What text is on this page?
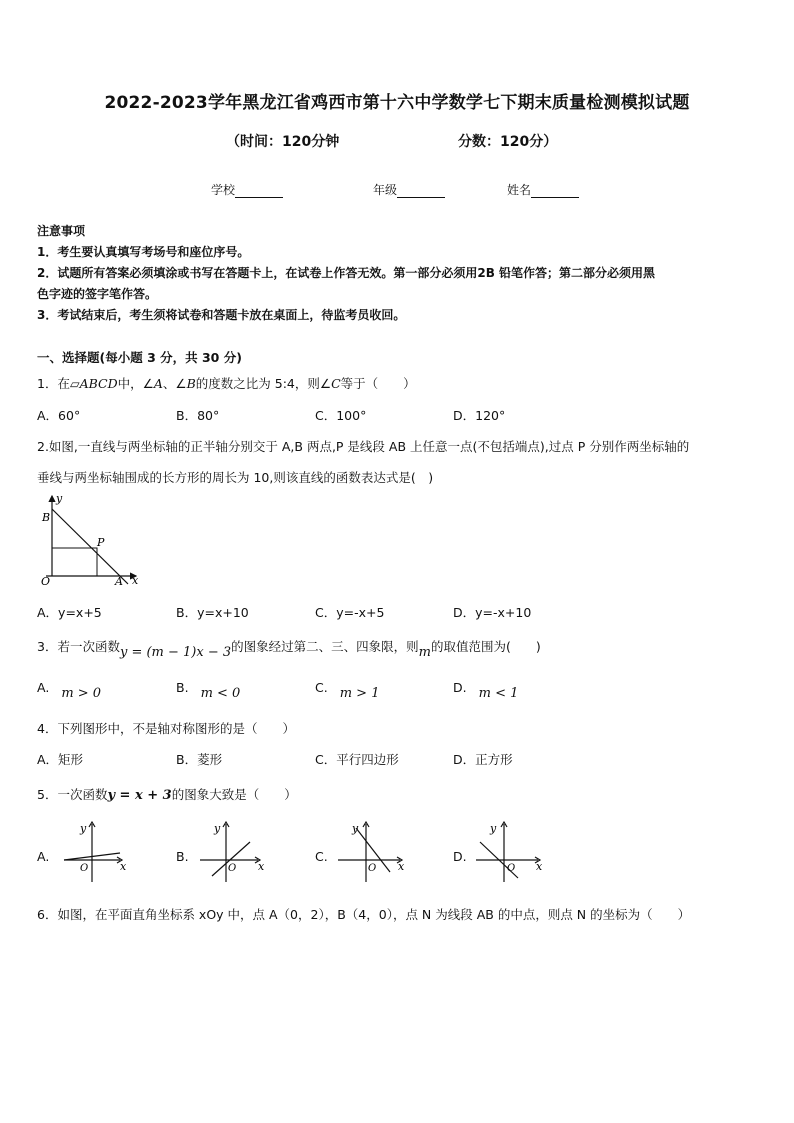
2022-2023学年黑龙江省鸡西市第十六中学数学七下期末质量检测模拟试题
（时间：120分钟	分数：120分）
学校	年级	姓名
注意事项
1．考生要认真填写考场号和座位序号。
2．试题所有答案必须填涂或书写在答题卡上，在试卷上作答无效。第一部分必须用2B 铅笔作答；第二部分必须用黑
色字迹的签字笔作答。
3．考试结束后，考生须将试卷和答题卡放在桌面上，待监考员收回。
一、选择题(每小题 3 分，共 30 分)
1．在▱ABCD中，∠A、∠B的度数之比为 5:4，则∠C等于（　　）
A．60°	B．80°	C．100°	D．120°
2.如图,一直线与两坐标轴的正半轴分别交于 A,B 两点,P 是线段 AB 上任意一点(不包括端点),过点 P 分别作两坐标轴的
垂线与两坐标轴围成的长方形的周长为 10,则该直线的函数表达式是(　)
y
x
O	A
B
P
A．y=x+5	B．y=x+10	C．y=-x+5	D．y=-x+10
3．若一次函数y = (m − 1)x − 3的图象经过第二、三、四象限，则m的取值范围为(　　)
A. m > 0	B. m < 0	C. m > 1	D. m < 1
4．下列图形中，不是轴对称图形的是（　　）
A．矩形	B．菱形	C．平行四边形	D．正方形
5．一次函数y = x + 3的图象大致是（　　）
A.	B.	C.	D.
y
x
O
y
x
O
y
x
O
y
x
O
6．如图，在平面直角坐标系 xOy 中，点 A（0，2），B（4，0），点 N 为线段 AB 的中点，则点 N 的坐标为（　　）
